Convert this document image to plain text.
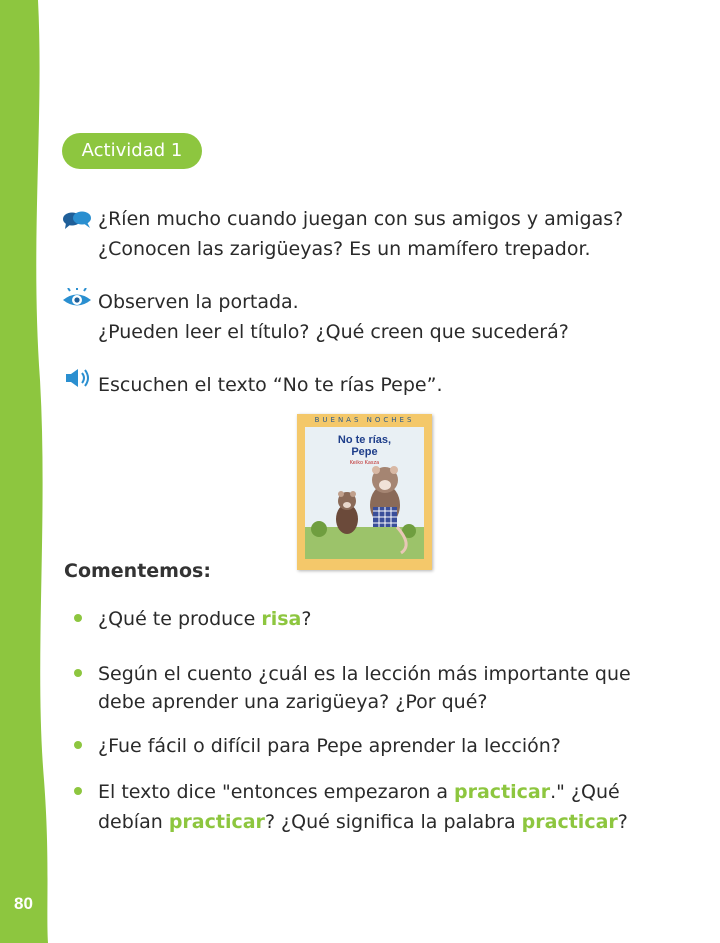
80
Actividad 1
¿Ríen mucho cuando juegan con sus amigos y amigas?
¿Conocen las zarigüeyas? Es un mamífero trepador.
Observen la portada.
¿Pueden leer el título? ¿Qué creen que sucederá?
Escuchen el texto “No te rías Pepe”.
BUENAS NOCHES
No te rías,
Pepe
Keiko Kasza
Comentemos:
¿Qué te produce risa?
Según el cuento ¿cuál es la lección más importante que
debe aprender una zarigüeya? ¿Por qué?
¿Fue fácil o difícil para Pepe aprender la lección?
El texto dice "entonces empezaron a practicar." ¿Qué
debían practicar? ¿Qué significa la palabra practicar?
